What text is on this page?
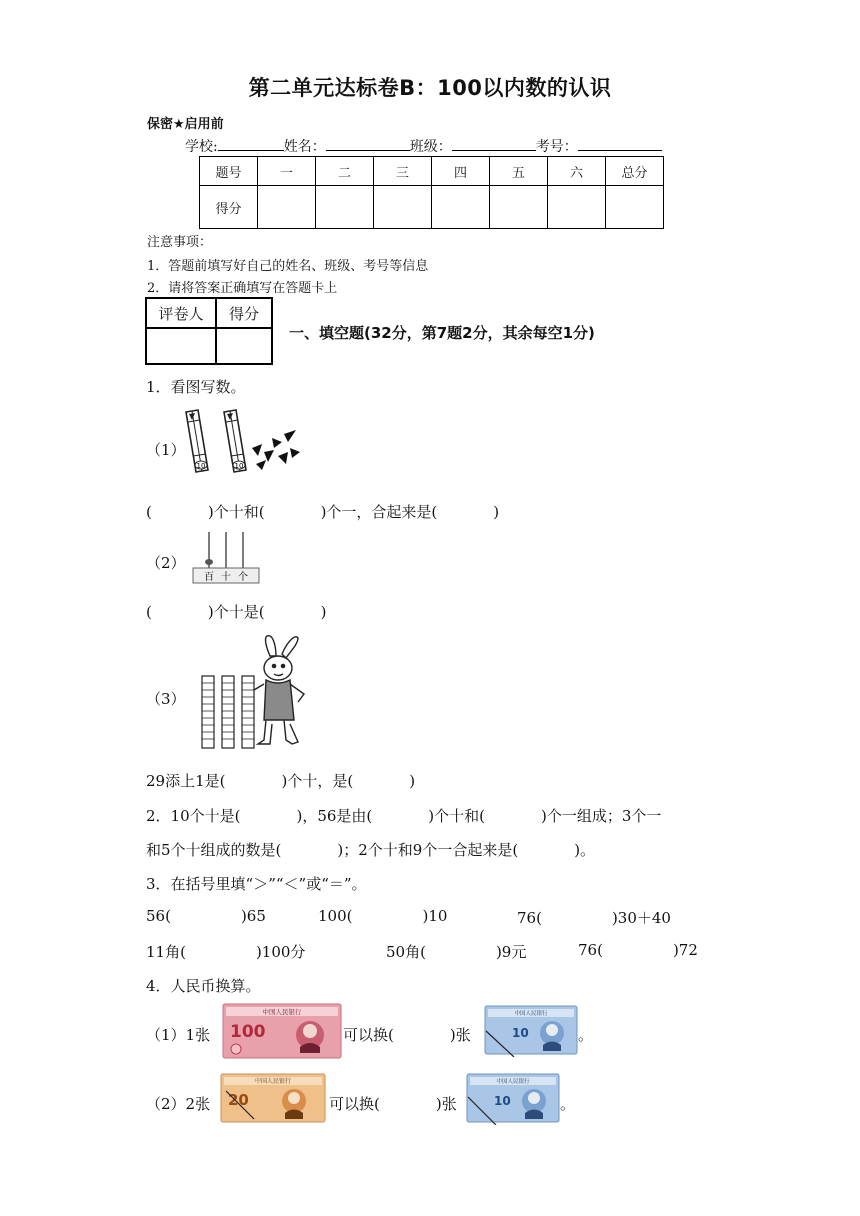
第二单元达标卷B：100以内数的认识
保密★启用前
学校:	姓名：	班级：	考号：
题号	一	二	三	四	五	六	总分
得分							
注意事项：
1．答题前填写好自己的姓名、班级、考号等信息
2．请将答案正确填写在答题卡上
评卷人	得分

一、填空题(32分，第7题2分，其余每空1分)
1．看图写数。
（1）
10	10
(	)个十和(	)个一，合起来是(	)
（2）
百 十 个
(	)个十是(	)
（3）
29添上1是(	)个十，是(	)
2．10个十是(	)，56是由(	)个十和(	)个一组成；3个一
和5个十组成的数是(	)；2个十和9个一合起来是(	)。
3．在括号里填“＞”“＜”或“＝”。
56(	)65	100(	)10	76(	)30＋40
11角(	)100分	50角(	)9元	76(	)72
4．人民币换算。
（1）1张
中国人民银行
100	可以换(	)张
中国人民银行
10	。
（2）2张
中国人民银行
20	可以换(	)张
中国人民银行
10	。
